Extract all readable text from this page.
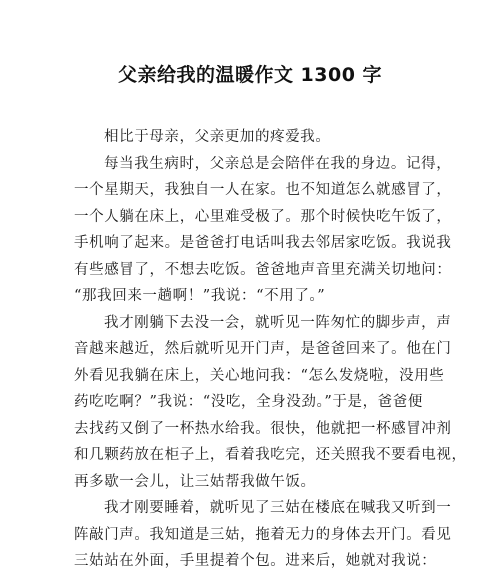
父亲给我的温暖作文 1300 字

相比于母亲，父亲更加的疼爱我。

每当我生病时，父亲总是会陪伴在我的身边。记得，
一个星期天，我独自一人在家。也不知道怎么就感冒了，
一个人躺在床上，心里难受极了。那个时候快吃午饭了，
手机响了起来。是爸爸打电话叫我去邻居家吃饭。我说我
有些感冒了，不想去吃饭。爸爸地声音里充满关切地问：
“那我回来一趟啊！”我说：“不用了。”

我才刚躺下去没一会，就听见一阵匆忙的脚步声，声
音越来越近，然后就听见开门声，是爸爸回来了。他在门
外看见我躺在床上，关心地问我：“怎么发烧啦，没用些
药吃吃啊？”我说：“没吃，全身没劲。”于是，爸爸便
去找药又倒了一杯热水给我。很快，他就把一杯感冒冲剂
和几颗药放在柜子上，看着我吃完，还关照我不要看电视，
再多歇一会儿，让三姑帮我做午饭。

我才刚要睡着，就听见了三姑在楼底在喊我又听到一
阵敲门声。我知道是三姑，拖着无力的身体去开门。看见
三姑站在外面，手里提着个包。进来后，她就对我说：
